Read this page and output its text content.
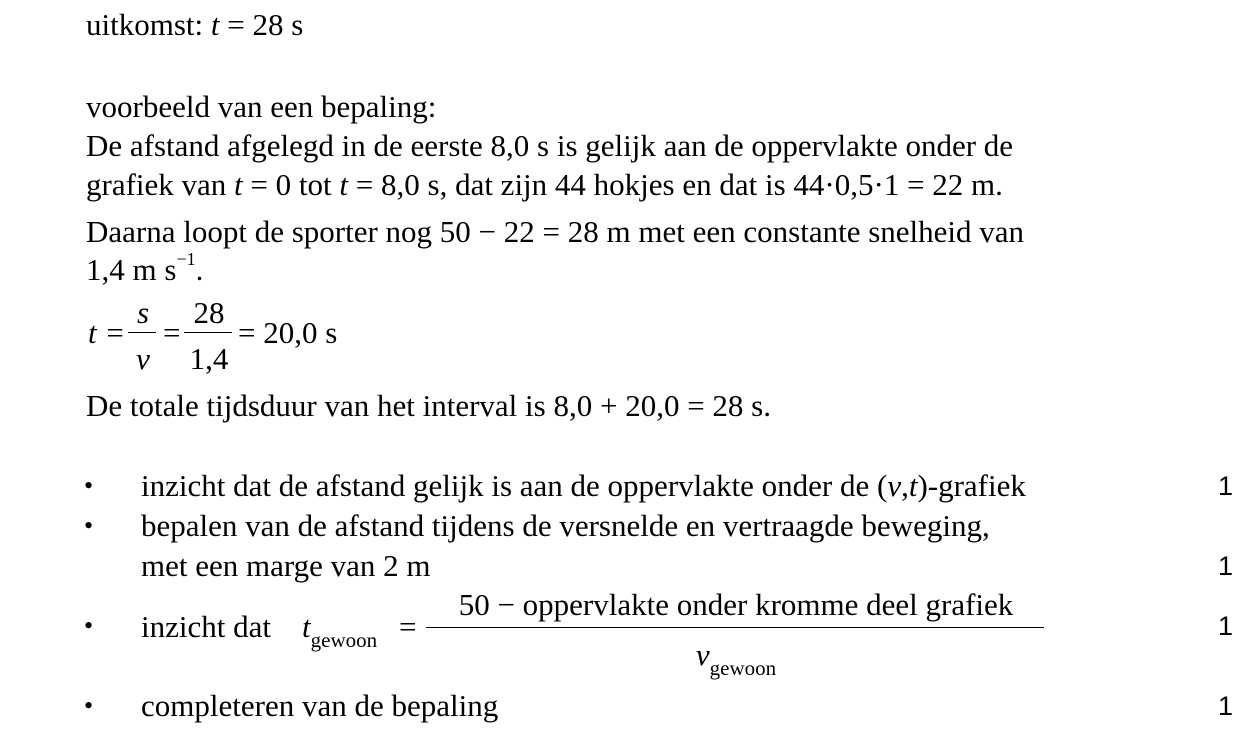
uitkomst: t = 28 s
voorbeeld van een bepaling:
De afstand afgelegd in de eerste 8,0 s is gelijk aan de oppervlakte onder de
grafiek van t = 0 tot t = 8,0 s, dat zijn 44 hokjes en dat is 44·0,5·1 = 22 m.
Daarna loopt de sporter nog 50 − 22 = 28 m met een constante snelheid van
1,4 m $s^{-1}$.
t =
s
v
=
28
1,4
= 20,0 s
De totale tijdsduur van het interval is 8,0 + 20,0 = 28 s.
• inzicht dat de afstand gelijk is aan de oppervlakte onder de (v,t)-grafiek	1
• bepalen van de afstand tijdens de versnelde en vertraagde beweging,
met een marge van 2 m	1
• inzicht dat $t_{gewoon}$ =
50 − oppervlakte onder kromme deel grafiek
$v_{gewoon}$
1
• completeren van de bepaling	1
